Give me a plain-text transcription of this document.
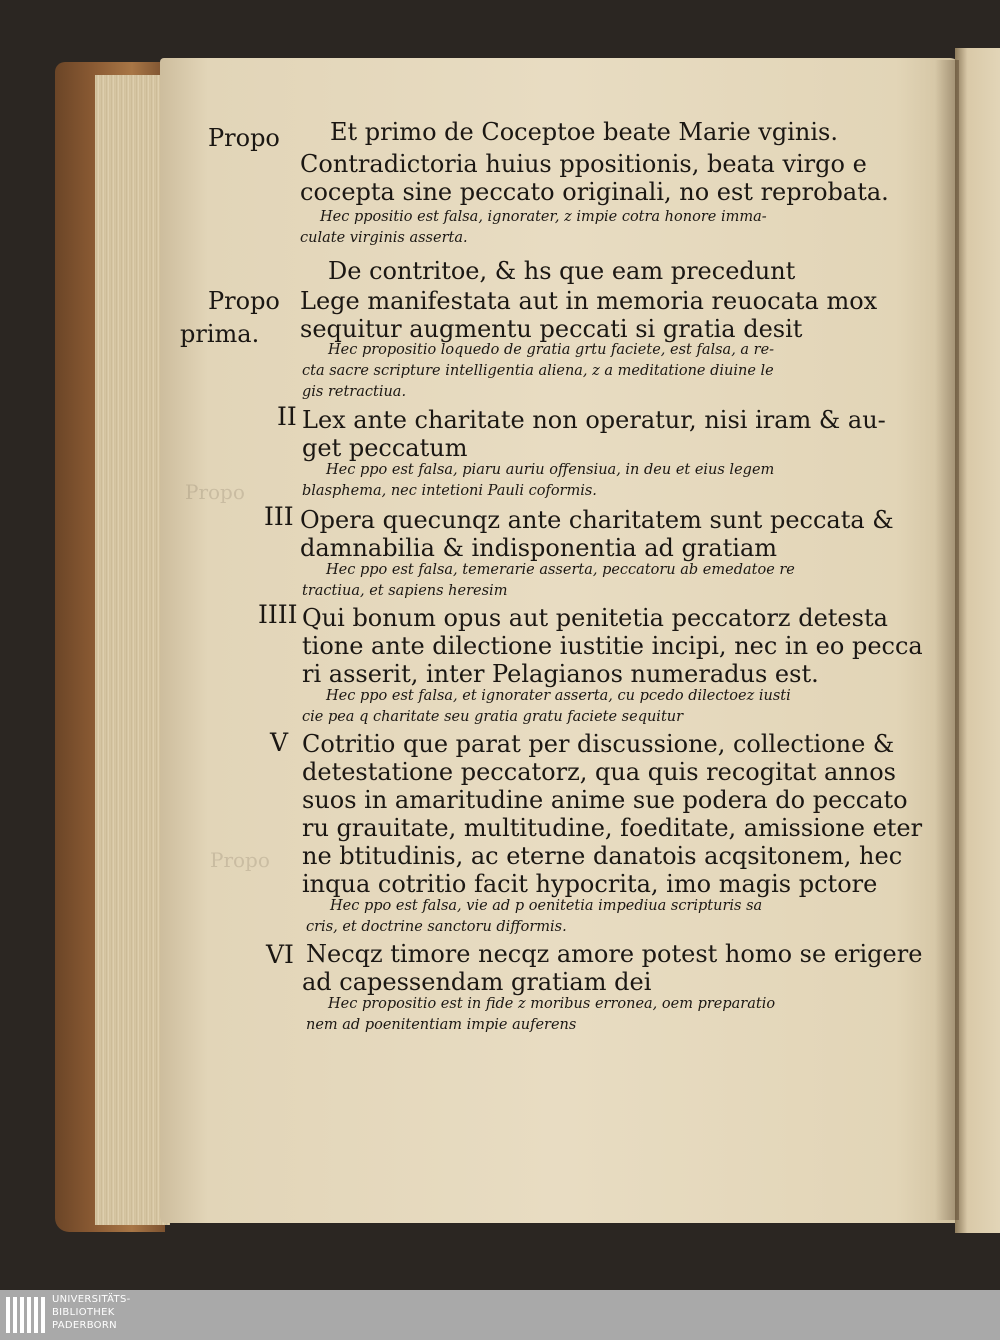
Propo
Propo
Propo
Propo
prima.
II
III
IIII
V
VI
Et primo de Coceptoe beate Marie vginis.
Contradictoria huius ppositionis, beata virgo e
cocepta sine peccato originali, no est reprobata.
Hec ppositio est falsa, ignorater, z impie cotra honore imma-
culate virginis asserta.
De contritoe, & hs que eam precedunt
Lege manifestata aut in memoria reuocata mox
sequitur augmentu peccati si gratia desit
Hec propositio loquedo de gratia grtu faciete, est falsa, a re-
cta sacre scripture intelligentia aliena, z a meditatione diuine le
gis retractiua.
Lex ante charitate non operatur, nisi iram & au-
get peccatum
Hec ppo est falsa, piaru auriu offensiua, in deu et eius legem
blasphema, nec intetioni Pauli coformis.
Opera quecunqz ante charitatem sunt peccata &
damnabilia & indisponentia ad gratiam
Hec ppo est falsa, temerarie asserta, peccatoru ab emedatoe re
tractiua, et sapiens heresim
Qui bonum opus aut penitetia peccatorz detesta
tione ante dilectione iustitie incipi, nec in eo pecca
ri asserit, inter Pelagianos numeradus est.
Hec ppo est falsa, et ignorater asserta, cu pcedo dilectoez iusti
cie pea q charitate seu gratia gratu faciete sequitur
Cotritio que parat per discussione, collectione &
detestatione peccatorz, qua quis recogitat annos
suos in amaritudine anime sue podera do peccato
ru grauitate, multitudine, foeditate, amissione eter
ne btitudinis, ac eterne danatois acqsitonem, hec
inqua cotritio facit hypocrita, imo magis pctore
Hec ppo est falsa, vie ad p oenitetia impediua scripturis sa
cris, et doctrine sanctoru difformis.
Necqz timore necqz amore potest homo se erigere
ad capessendam gratiam dei
Hec propositio est in fide z moribus erronea, oem preparatio
nem ad poenitentiam impie auferens
UNIVERSITÄTS-
BIBLIOTHEK
PADERBORN
